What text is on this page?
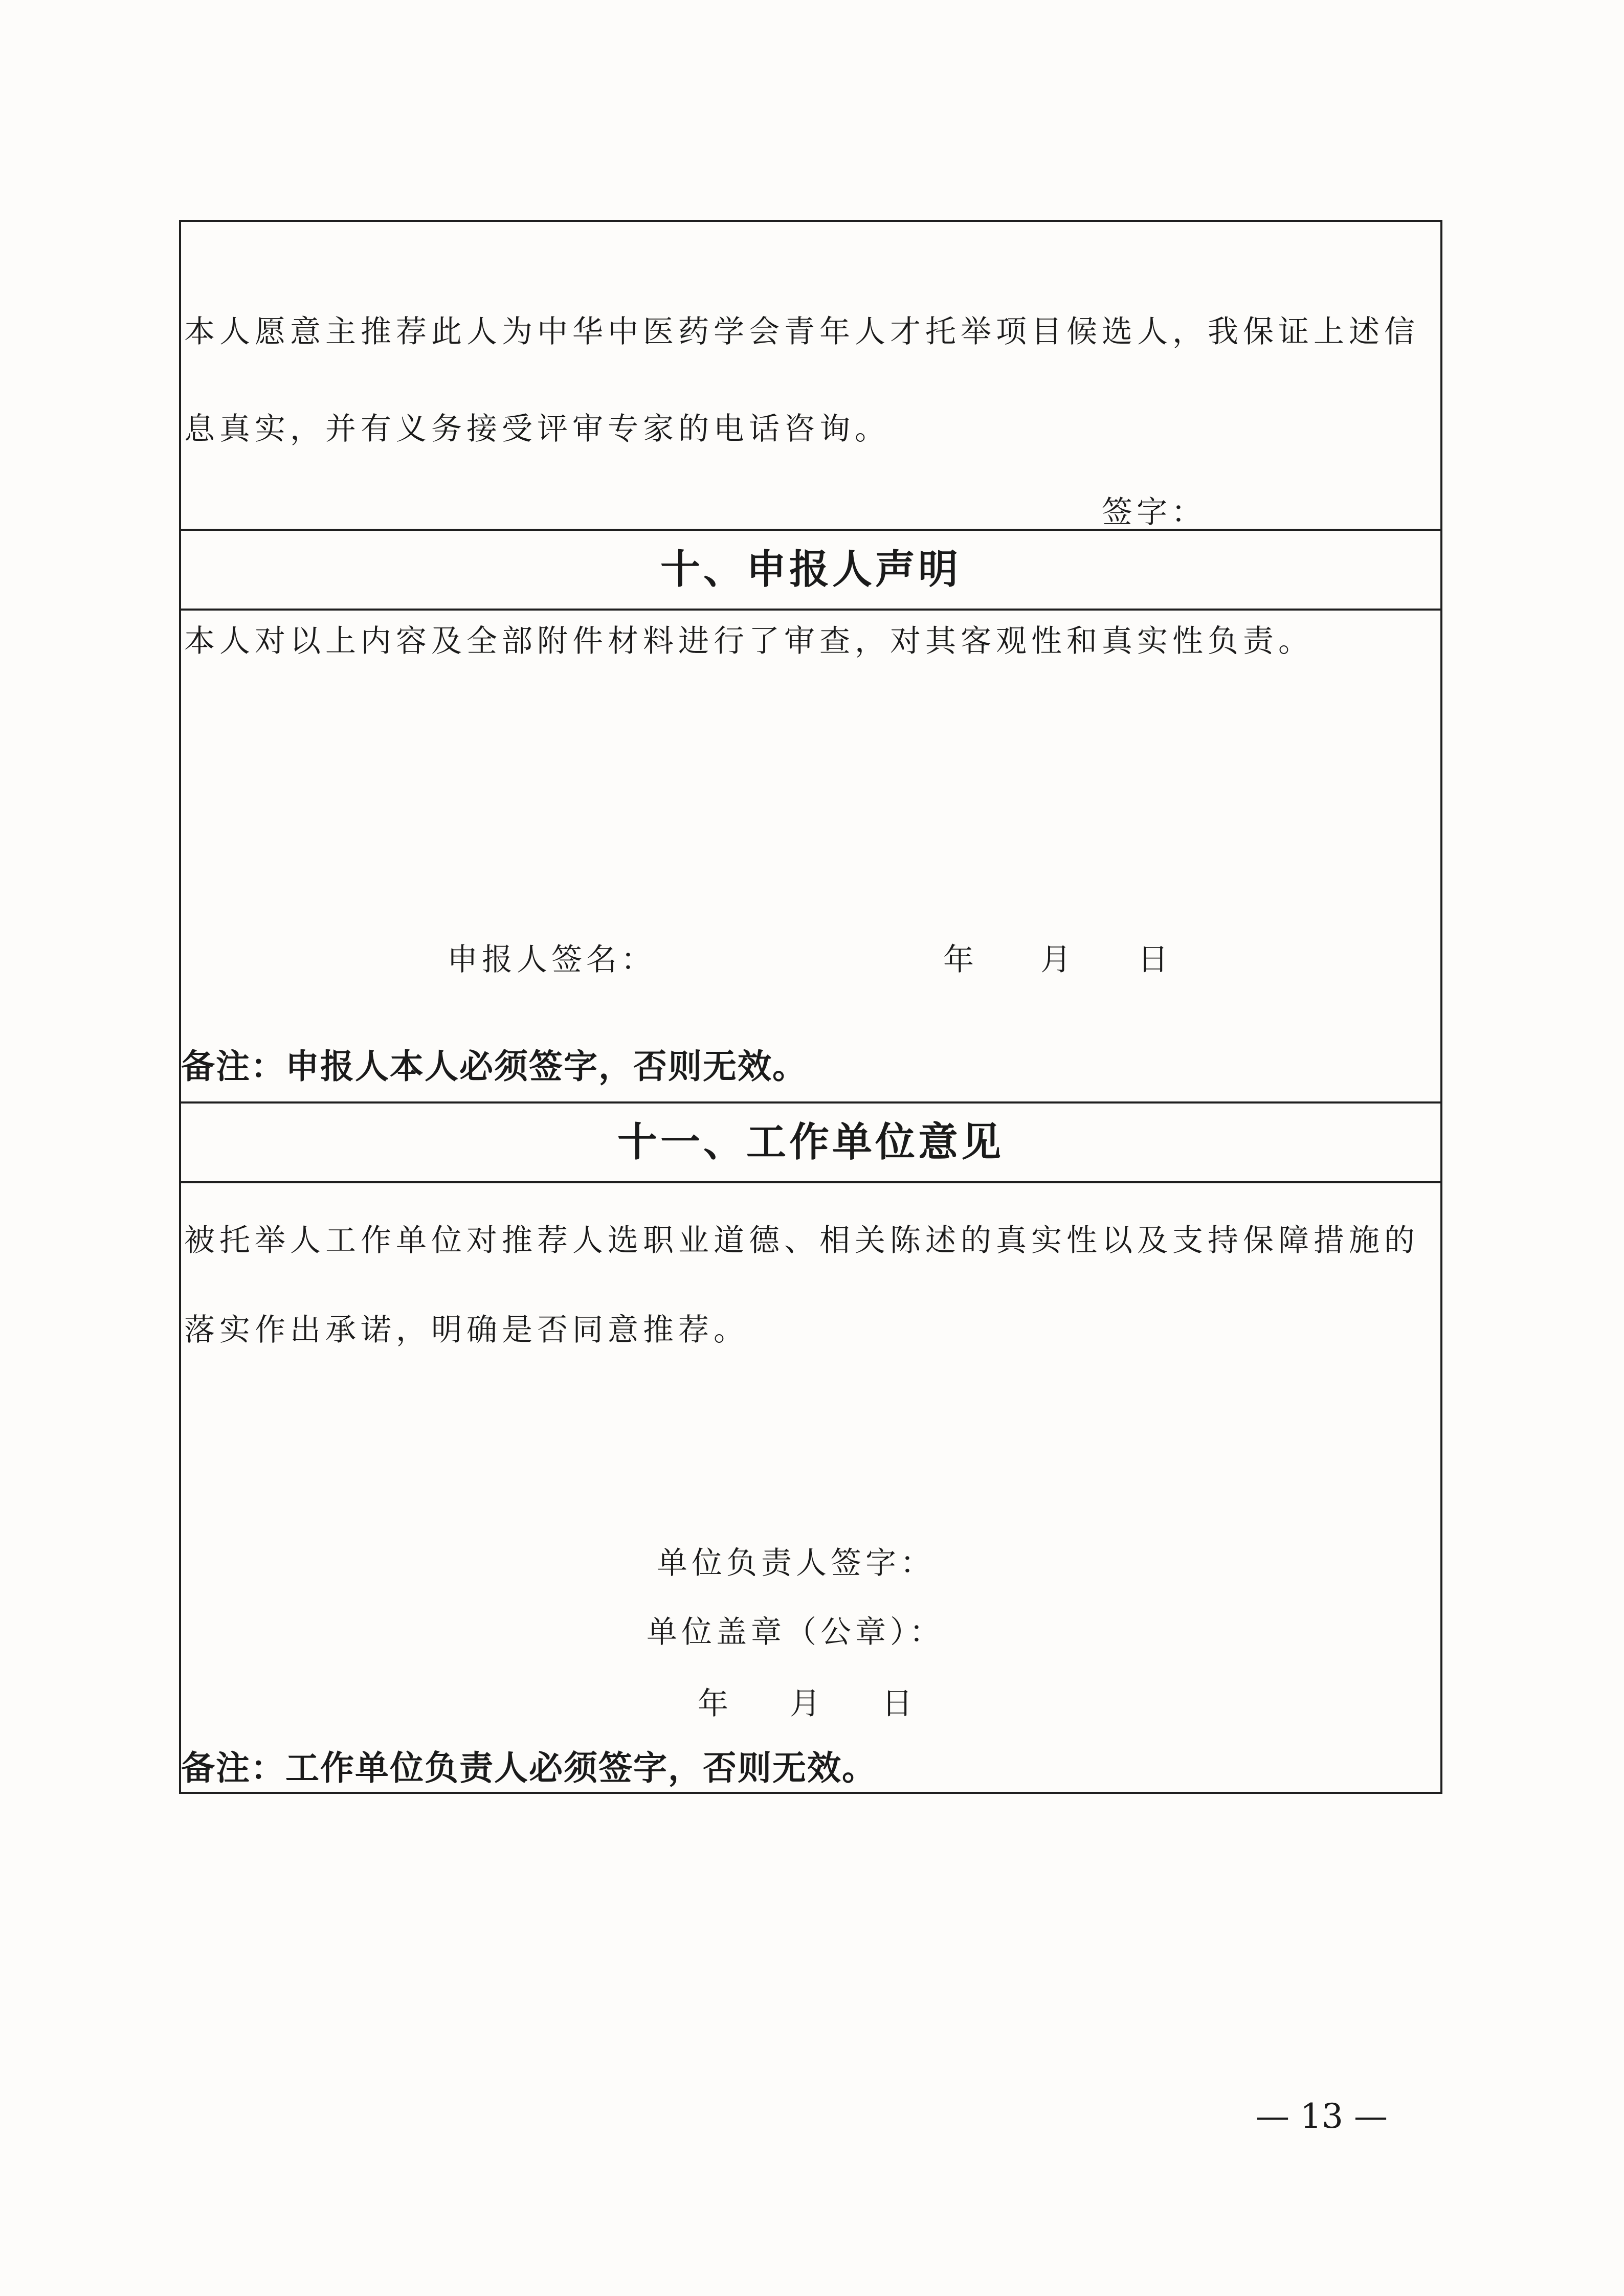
本人愿意主推荐此人为中华中医药学会青年人才托举项目候选人，我保证上述信息真实，并有义务接受评审专家的电话咨询。

签字：

十、申报人声明

本人对以上内容及全部附件材料进行了审查，对其客观性和真实性负责。

申报人签名：	年 月 日
备注：申报人本人必须签字，否则无效。

十一、工作单位意见

被托举人工作单位对推荐人选职业道德、相关陈述的真实性以及支持保障措施的落实作出承诺，明确是否同意推荐。

单位负责人签字：
单位盖章（公章）：
年 月 日
备注：工作单位负责人必须签字，否则无效。
— 13 —
